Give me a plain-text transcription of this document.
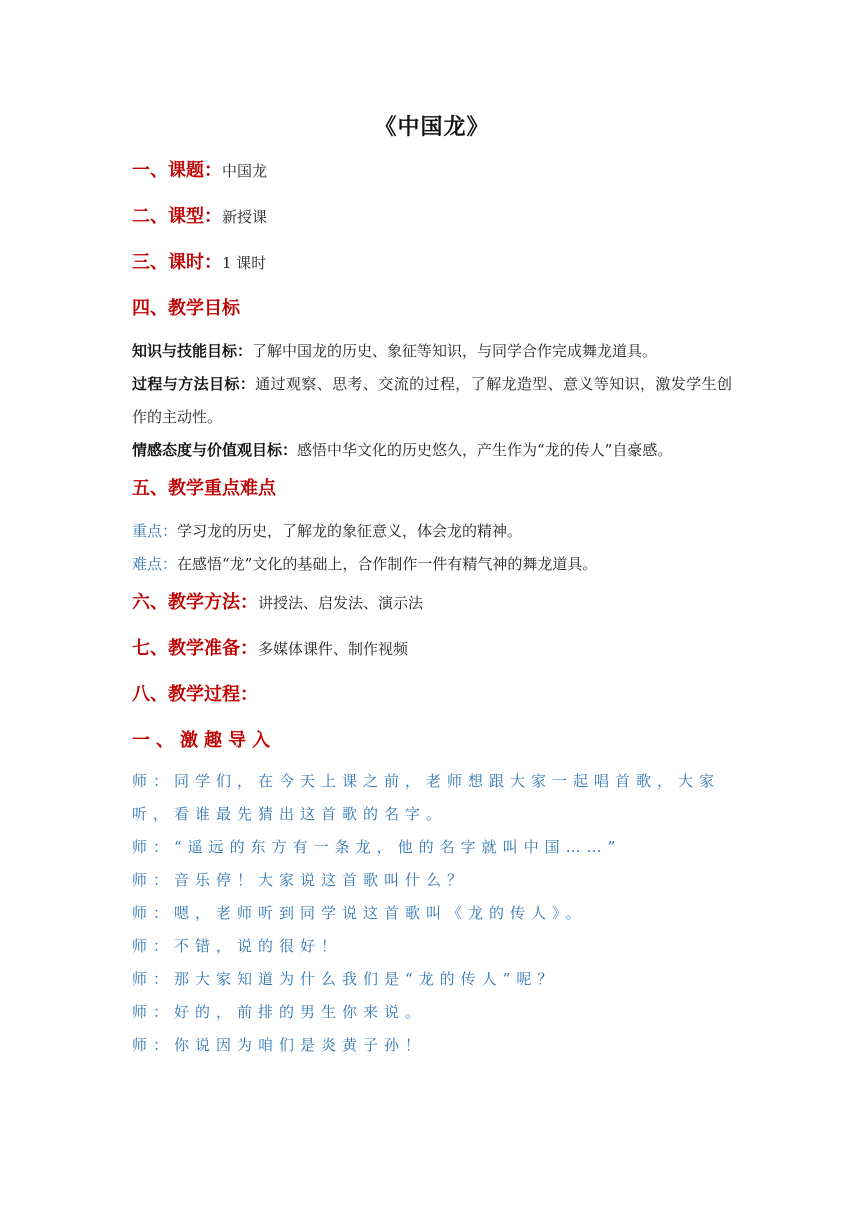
《中国龙》
一、课题：中国龙
二、课型：新授课
三、课时：1 课时
四、教学目标

知识与技能目标：了解中国龙的历史、象征等知识，与同学合作完成舞龙道具。

过程与方法目标：通过观察、思考、交流的过程，了解龙造型、意义等知识，激发学生创作的主动性。

情感态度与价值观目标：感悟中华文化的历史悠久，产生作为“龙的传人”自豪感。

五、教学重点难点

重点：学习龙的历史，了解龙的象征意义，体会龙的精神。

难点：在感悟“龙”文化的基础上，合作制作一件有精气神的舞龙道具。

六、教学方法：讲授法、启发法、演示法
七、教学准备：多媒体课件、制作视频
八、教学过程：
一、激趣导入

师：同学们，在今天上课之前，老师想跟大家一起唱首歌，大家听，看谁最先猜出这首歌的名字。

师：“遥远的东方有一条龙，他的名字就叫中国……”

师：音乐停！大家说这首歌叫什么？

师：嗯，老师听到同学说这首歌叫《龙的传人》。

师：不错，说的很好！

师：那大家知道为什么我们是“龙的传人”呢？

师：好的，前排的男生你来说。

师：你说因为咱们是炎黄子孙！
